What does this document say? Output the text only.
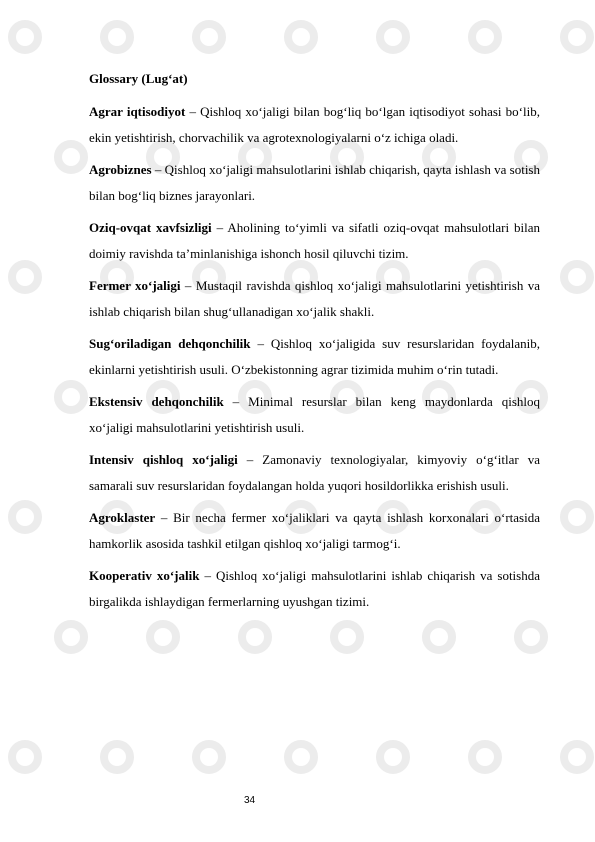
Glossary (Lug‘at)

Agrar iqtisodiyot – Qishloq xo‘jaligi bilan bog‘liq bo‘lgan iqtisodiyot sohasi bo‘lib, ekin yetishtirish, chorvachilik va agrotexnologiyalarni o‘z ichiga oladi.

Agrobiznes – Qishloq xo‘jaligi mahsulotlarini ishlab chiqarish, qayta ishlash va sotish bilan bog‘liq biznes jarayonlari.

Oziq-ovqat xavfsizligi – Aholining to‘yimli va sifatli oziq-ovqat mahsulotlari bilan doimiy ravishda ta’minlanishiga ishonch hosil qiluvchi tizim.

Fermer xo‘jaligi – Mustaqil ravishda qishloq xo‘jaligi mahsulotlarini yetishtirish va ishlab chiqarish bilan shug‘ullanadigan xo‘jalik shakli.

Sug‘oriladigan dehqonchilik – Qishloq xo‘jaligida suv resurslaridan foydalanib, ekinlarni yetishtirish usuli. O‘zbekistonning agrar tizimida muhim o‘rin tutadi.

Ekstensiv dehqonchilik – Minimal resurslar bilan keng maydonlarda qishloq xo‘jaligi mahsulotlarini yetishtirish usuli.

Intensiv qishloq xo‘jaligi – Zamonaviy texnologiyalar, kimyoviy o‘g‘itlar va samarali suv resurslaridan foydalangan holda yuqori hosildorlikka erishish usuli.

Agroklaster – Bir necha fermer xo‘jaliklari va qayta ishlash korxonalari o‘rtasida hamkorlik asosida tashkil etilgan qishloq xo‘jaligi tarmog‘i.

Kooperativ xo‘jalik – Qishloq xo‘jaligi mahsulotlarini ishlab chiqarish va sotishda birgalikda ishlaydigan fermerlarning uyushgan tizimi.

34
